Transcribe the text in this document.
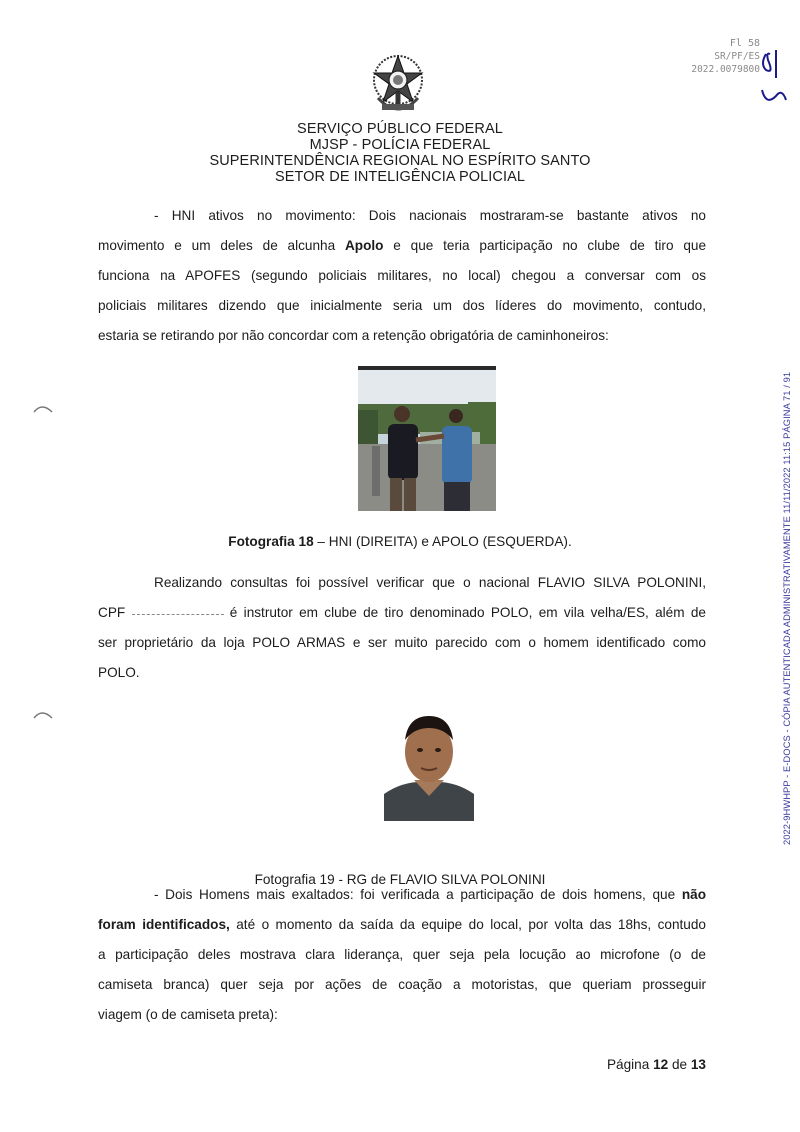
Fl 58
SR/PF/ES
2022.0079800
SERVIÇO PÚBLICO FEDERAL
MJSP - POLÍCIA FEDERAL
SUPERINTENDÊNCIA REGIONAL NO ESPÍRITO SANTO
SETOR DE INTELIGÊNCIA POLICIAL
- HNI ativos no movimento: Dois nacionais mostraram-se bastante ativos no
movimento e um deles de alcunha Apolo e que teria participação no clube de tiro que
funciona na APOFES (segundo policiais militares, no local) chegou a conversar com os
policiais militares dizendo que inicialmente seria um dos líderes do movimento, contudo,
estaria se retirando por não concordar com a retenção obrigatória de caminhoneiros:
Fotografia 18 – HNI (DIREITA) e APOLO (ESQUERDA).
Realizando consultas foi possível verificar que o nacional FLAVIO SILVA POLONINI,
CPF	é instrutor em clube de tiro denominado POLO, em vila velha/ES, além de
ser proprietário da loja POLO ARMAS e ser muito parecido com o homem identificado como
POLO.
Fotografia 19 - RG de FLAVIO SILVA POLONINI
- Dois Homens mais exaltados: foi verificada a participação de dois homens, que não
foram identificados, até o momento da saída da equipe do local, por volta das 18hs, contudo
a participação deles mostrava clara liderança, quer seja pela locução ao microfone (o de
camiseta branca) quer seja por ações de coação a motoristas, que queriam prosseguir
viagem (o de camiseta preta):
Página 12 de 13
2022-9HWHPP - E-DOCS - CÓPIA AUTENTICADA ADMINISTRATIVAMENTE 11/11/2022 11:15 PÁGINA 71 / 91
